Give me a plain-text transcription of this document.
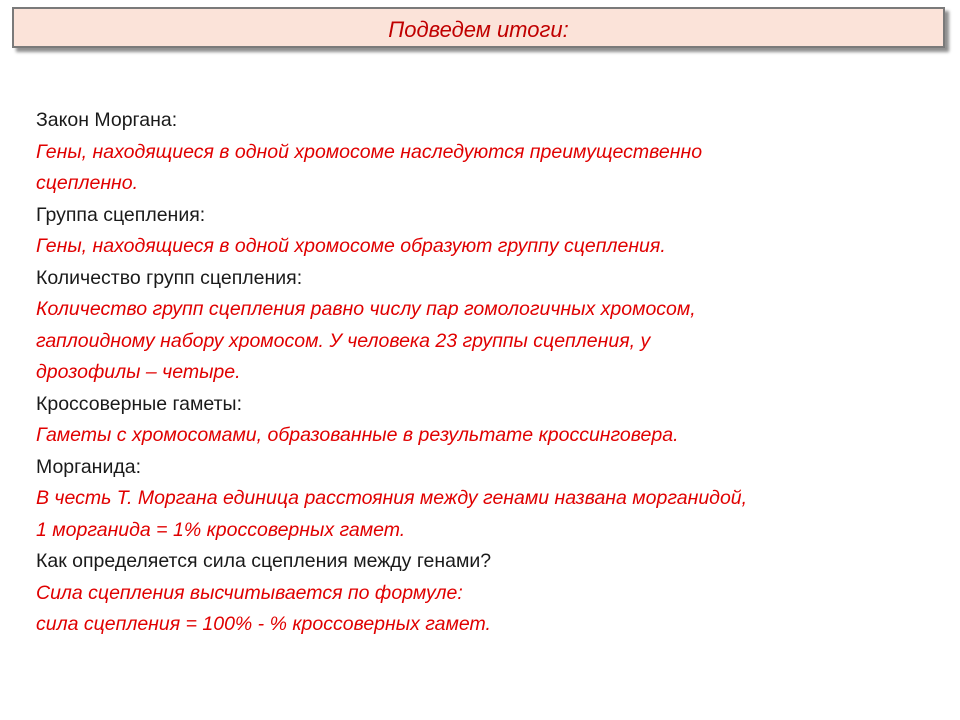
Подведем итоги:
Закон Моргана:
Гены, находящиеся в одной хромосоме наследуются преимущественно
сцепленно.
Группа сцепления:
Гены, находящиеся в одной хромосоме образуют группу сцепления.
Количество групп сцепления:
Количество групп сцепления равно числу пар гомологичных хромосом,
гаплоидному набору хромосом. У человека 23 группы сцепления, у
дрозофилы – четыре.
Кроссоверные гаметы:
Гаметы с хромосомами, образованные в результате кроссинговера.
Морганида:
В честь Т. Моргана единица расстояния между генами названа морганидой,
1 морганида = 1% кроссоверных гамет.
Как определяется сила сцепления между генами?
Сила сцепления высчитывается по формуле:
сила сцепления = 100% - % кроссоверных гамет.
